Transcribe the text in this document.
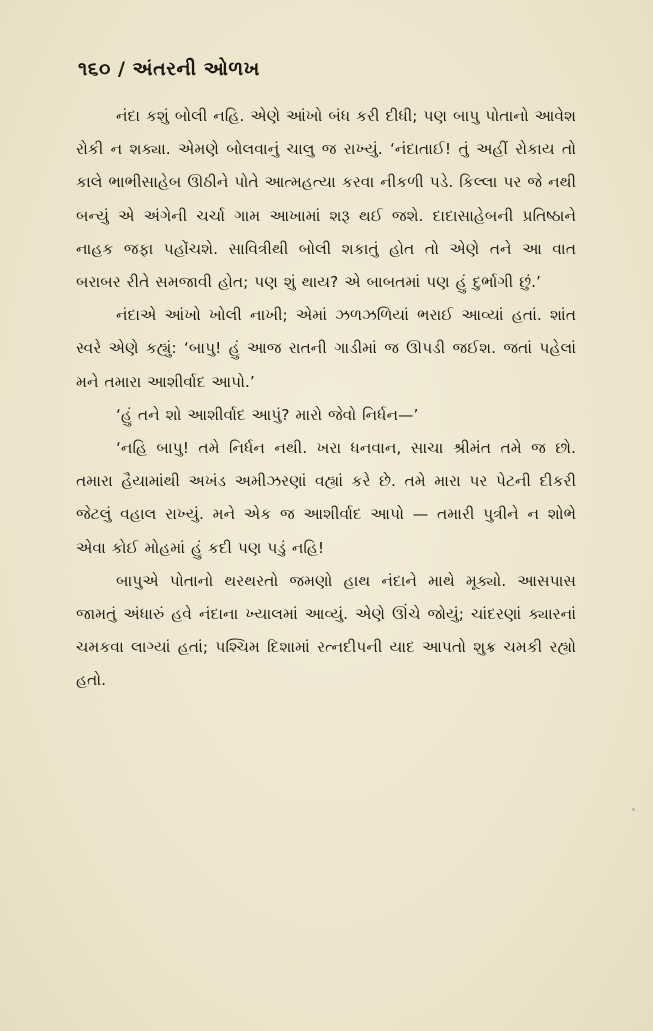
૧૬૦ / અંતરની ઓળખ

નંદા કશું બોલી નહિ. એણે આંખો બંધ કરી દીધી; પણ બાપુ પોતાનો આવેશ રોકી ન શક્યા. એમણે બોલવાનું ચાલુ જ રાખ્યું. ‘નંદાતાઈ! તું અહીં રોકાય તો કાલે ભાભીસાહેબ ઊઠીને પોતે આત્મહત્યા કરવા નીકળી પડે. કિલ્લા પર જે નથી બન્યું એ અંગેની ચર્ચા ગામ આખામાં શરૂ થઈ જશે. દાદાસાહેબની પ્રતિષ્ઠાને નાહક જફા પહોંચશે. સાવિત્રીથી બોલી શકાતું હોત તો એણે તને આ વાત બરાબર રીતે સમજાવી હોત; પણ શું થાય? એ બાબતમાં પણ હું દુર્ભાગી છું.’

નંદાએ આંખો ખોલી નાખી; એમાં ઝળઝળિયાં ભરાઈ આવ્યાં હતાં. શાંત સ્વરે એણે કહ્યું: ‘બાપુ! હું આજ રાતની ગાડીમાં જ ઊપડી જઈશ. જતાં પહેલાં મને તમારા આશીર્વાદ આપો.’

‘હું તને શો આશીર્વાદ આપું? મારો જેવો નિર્ધન—’

‘નહિ બાપુ! તમે નિર્ધન નથી. ખરા ધનવાન, સાચા શ્રીમંત તમે જ છો. તમારા હૈયામાંથી અખંડ અમીઝરણાં વહ્યાં કરે છે. તમે મારા પર પેટની દીકરી જેટલું વહાલ રાખ્યું. મને એક જ આશીર્વાદ આપો — તમારી પુત્રીને ન શોભે એવા કોઈ મોહમાં હું કદી પણ પડું નહિ!

બાપુએ પોતાનો થરથરતો જમણો હાથ નંદાને માથે મૂક્યો. આસપાસ જામતું અંધારું હવે નંદાના ખ્યાલમાં આવ્યું. એણે ઊંચે જોયું; ચાંદરણાં ક્યારનાં ચમકવા લાગ્યાં હતાં; પશ્ચિમ દિશામાં રત્નદીપની યાદ આપતો શુક્ર ચમકી રહ્યો હતો.
